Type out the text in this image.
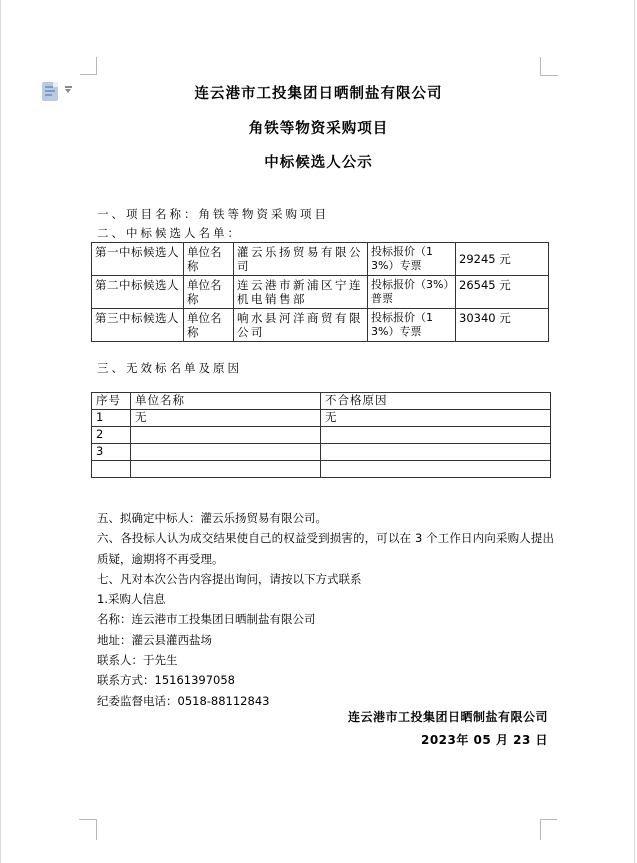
连云港市工投集团日晒制盐有限公司
角铁等物资采购项目
中标候选人公示
一、项目名称：角铁等物资采购项目
二、中标候选人名单：
第一中标候选人	单位名称	灌云乐扬贸易有限公司	投标报价（13%）专票	29245 元
第二中标候选人	单位名称	连云港市新浦区宁连机电销售部	投标报价（3%）普票	26545 元
第三中标候选人	单位名称	响水县河洋商贸有限公司	投标报价（13%）专票	30340 元
三、无效标名单及原因
序号	单位名称	不合格原因
1	无	无
2		
3		

五、拟确定中标人：灌云乐扬贸易有限公司。
六、各投标人认为成交结果使自己的权益受到损害的，可以在 3 个工作日内向采购人提出质疑，逾期将不再受理。
七、凡对本次公告内容提出询问，请按以下方式联系
1.采购人信息
名称：连云港市工投集团日晒制盐有限公司
地址：灌云县灌西盐场
联系人：于先生
联系方式：15161397058
纪委监督电话：0518-88112843
连云港市工投集团日晒制盐有限公司
2023年 05 月 23 日
